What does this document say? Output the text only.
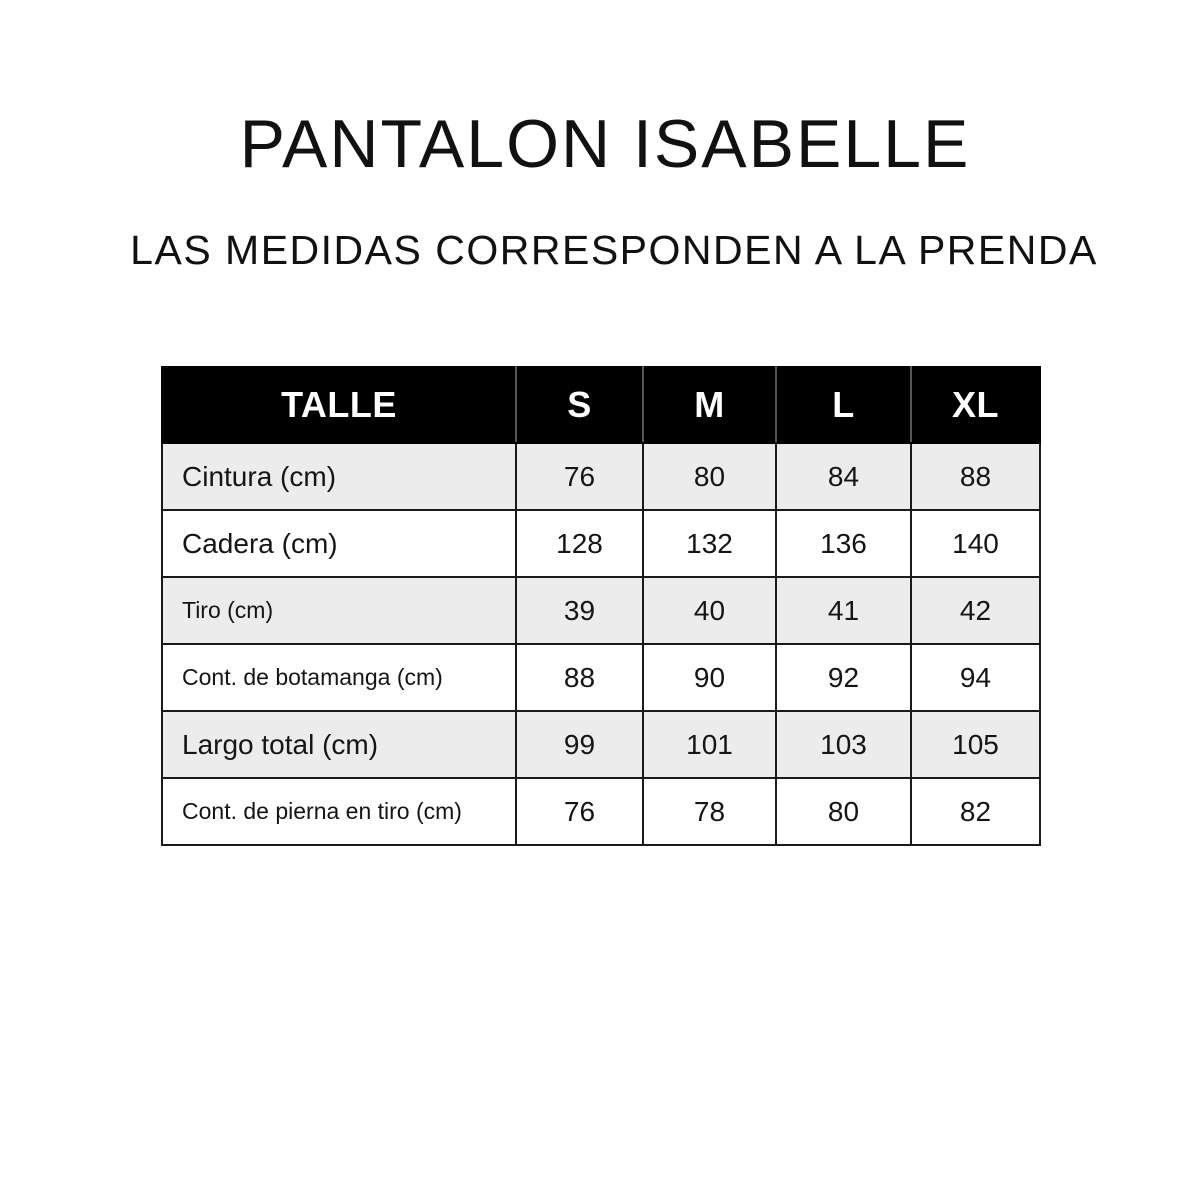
PANTALON ISABELLE
LAS MEDIDAS CORRESPONDEN A LA PRENDA
TALLE	S	M	L	XL
Cintura (cm)	76	80	84	88
Cadera (cm)	128	132	136	140
Tiro (cm)	39	40	41	42
Cont. de botamanga (cm)	88	90	92	94
Largo total (cm)	99	101	103	105
Cont. de pierna en tiro (cm)	76	78	80	82
